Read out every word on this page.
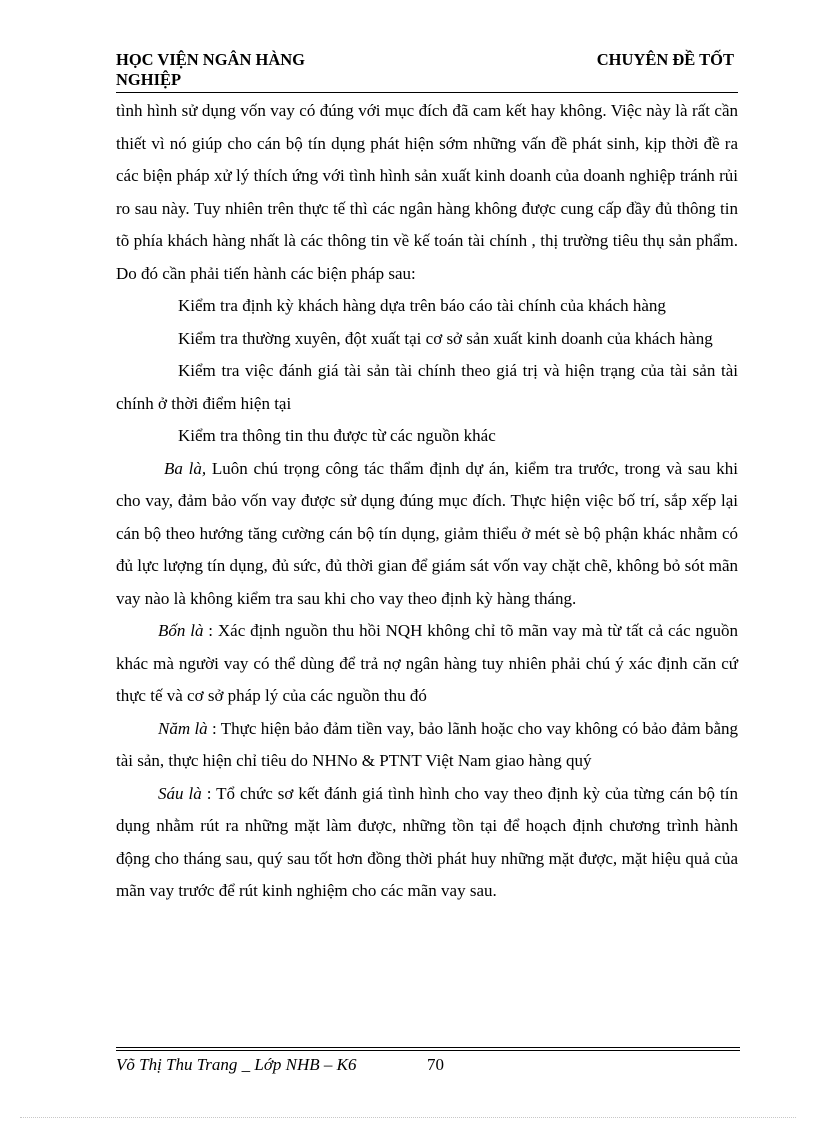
HỌC VIỆN NGÂN HÀNG	CHUYÊN ĐỀ TỐT
NGHIỆP

tình hình sử dụng vốn vay có đúng với mục đích đã cam kết hay không. Việc này là rất cần thiết vì nó giúp cho cán bộ tín dụng phát hiện sớm những vấn đề phát sinh, kịp thời đề ra các biện pháp xử lý thích ứng với tình hình sản xuất kinh doanh của doanh nghiệp tránh rủi ro sau này. Tuy nhiên trên thực tế thì các ngân hàng không được cung cấp đầy đủ thông tin tõ phía khách hàng nhất là các thông tin về kế toán tài chính , thị trường tiêu thụ sản phẩm. Do đó cần phải tiến hành các biện pháp sau:

Kiểm tra định kỳ khách hàng dựa trên báo cáo tài chính của khách hàng

Kiểm tra thường xuyên, đột xuất tại cơ sở sản xuất kinh doanh của khách hàng

Kiểm tra việc đánh giá tài sản tài chính theo giá trị và hiện trạng của tài sản tài chính ở thời điểm hiện tại

Kiểm tra thông tin thu được từ các nguồn khác

Ba là, Luôn chú trọng công tác thẩm định dự án, kiểm tra trước, trong và sau khi cho vay, đảm bảo vốn vay được sử dụng đúng mục đích. Thực hiện việc bố trí, sắp xếp lại cán bộ theo hướng tăng cường cán bộ tín dụng, giảm thiểu ở mét sè bộ phận khác nhằm có đủ lực lượng tín dụng, đủ sức, đủ thời gian để giám sát vốn vay chặt chẽ, không bỏ sót mãn vay nào là không kiểm tra sau khi cho vay theo định kỳ hàng tháng.

Bốn là : Xác định nguồn thu hồi NQH không chỉ tõ mãn vay mà từ tất cả các nguồn khác mà người vay có thể dùng để trả nợ ngân hàng tuy nhiên phải chú ý xác định căn cứ thực tế và cơ sở pháp lý của các nguồn thu đó

Năm là : Thực hiện bảo đảm tiền vay, bảo lãnh hoặc cho vay không có bảo đảm bằng tài sản, thực hiện chỉ tiêu do NHNo & PTNT Việt Nam giao hàng quý

Sáu là : Tổ chức sơ kết đánh giá tình hình cho vay theo định kỳ của từng cán bộ tín dụng nhằm rút ra những mặt làm được, những tồn tại để hoạch định chương trình hành động cho tháng sau, quý sau tốt hơn đồng thời phát huy những mặt được, mặt hiệu quả của mãn vay trước để rút kinh nghiệm cho các mãn vay sau.

Võ Thị Thu Trang _ Lớp NHB – K6	70
